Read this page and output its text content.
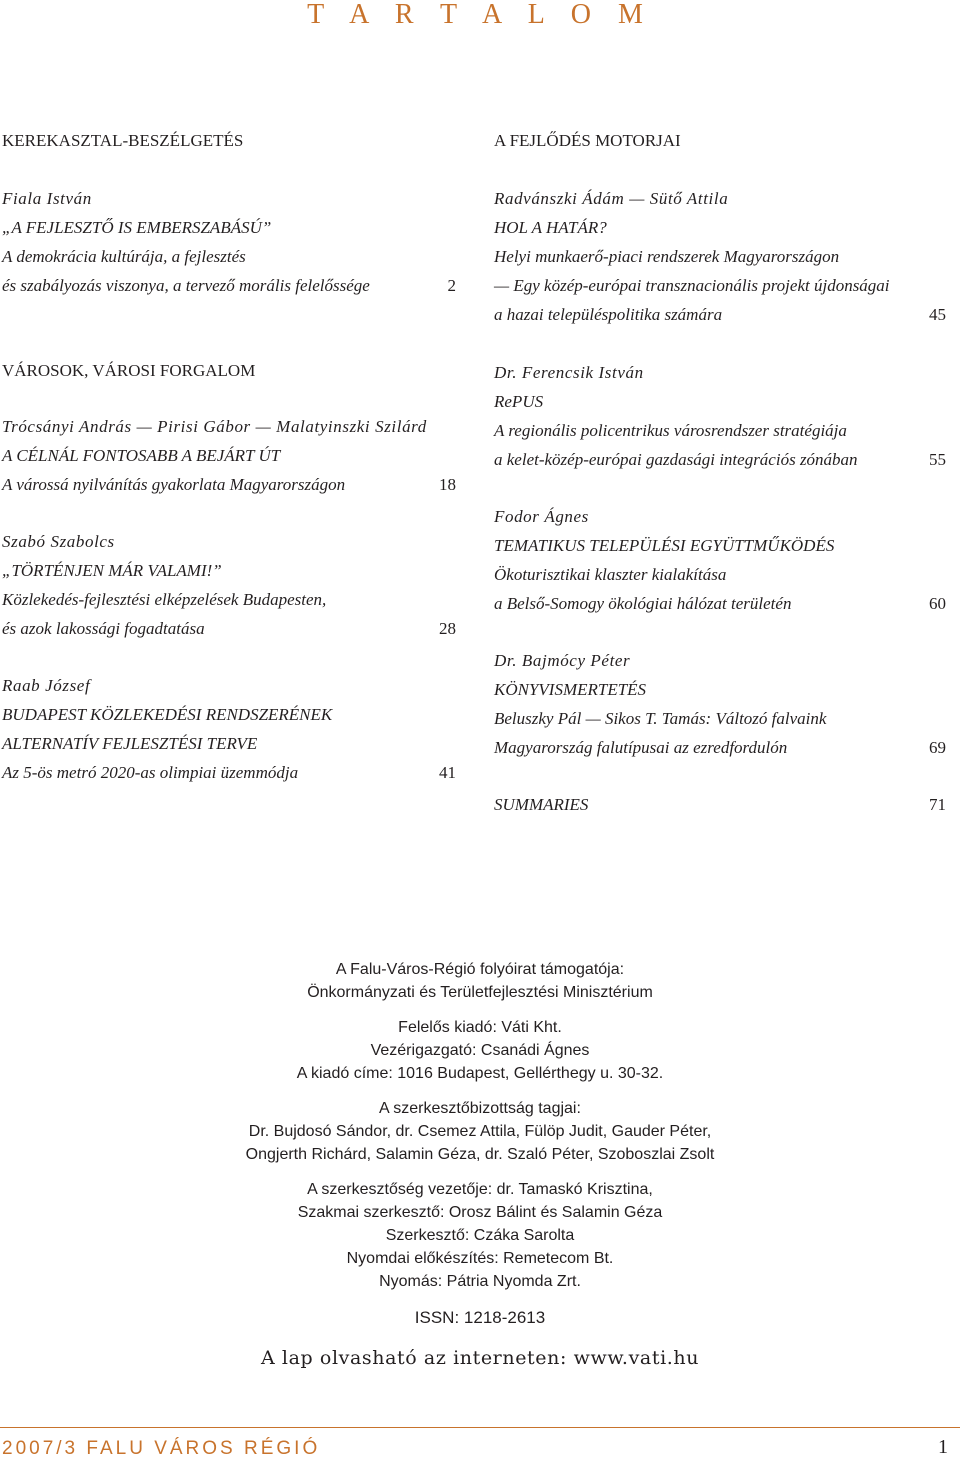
T A R T A L O M
KEREKASZTAL-BESZÉLGETÉS
Fiala István
„A FEJLESZTŐ IS EMBERSZABÁSÚ”
A demokrácia kultúrája, a fejlesztés
és szabályozás viszonya, a tervező morális felelőssége	2
VÁROSOK, VÁROSI FORGALOM
Trócsányi András — Pirisi Gábor — Malatyinszki Szilárd
A CÉLNÁL FONTOSABB A BEJÁRT ÚT
A várossá nyilvánítás gyakorlata Magyarországon	18
Szabó Szabolcs
„TÖRTÉNJEN MÁR VALAMI!”
Közlekedés-fejlesztési elképzelések Budapesten,
és azok lakossági fogadtatása	28
Raab József
BUDAPEST KÖZLEKEDÉSI RENDSZERÉNEK
ALTERNATÍV FEJLESZTÉSI TERVE
Az 5-ös metró 2020-as olimpiai üzemmódja	41
A FEJLŐDÉS MOTORJAI
Radvánszki Ádám — Sütő Attila
HOL A HATÁR?
Helyi munkaerő-piaci rendszerek Magyarországon
— Egy közép-európai transznacionális projekt újdonságai
a hazai településpolitika számára	45
Dr. Ferencsik István
RePUS
A regionális policentrikus városrendszer stratégiája
a kelet-közép-európai gazdasági integrációs zónában	55
Fodor Ágnes
TEMATIKUS TELEPÜLÉSI EGYÜTTMŰKÖDÉS
Ökoturisztikai klaszter kialakítása
a Belső-Somogy ökológiai hálózat területén	60
Dr. Bajmócy Péter
KÖNYVISMERTETÉS
Beluszky Pál — Sikos T. Tamás: Változó falvaink
Magyarország falutípusai az ezredfordulón	69
SUMMARIES	71
A Falu-Város-Régió folyóirat támogatója:
Önkormányzati és Területfejlesztési Minisztérium
Felelős kiadó: Váti Kht.
Vezérigazgató: Csanádi Ágnes
A kiadó címe: 1016 Budapest, Gellérthegy u. 30-32.
A szerkesztőbizottság tagjai:
Dr. Bujdosó Sándor, dr. Csemez Attila, Fülöp Judit, Gauder Péter,
Ongjerth Richárd, Salamin Géza, dr. Szaló Péter, Szoboszlai Zsolt
A szerkesztőség vezetője: dr. Tamaskó Krisztina,
Szakmai szerkesztő: Orosz Bálint és Salamin Géza
Szerkesztő: Czáka Sarolta
Nyomdai előkészítés: Remetecom Bt.
Nyomás: Pátria Nyomda Zrt.
ISSN: 1218-2613
A lap olvasható az interneten: www.vati.hu
2007/3 FALU VÁROS RÉGIÓ	1
